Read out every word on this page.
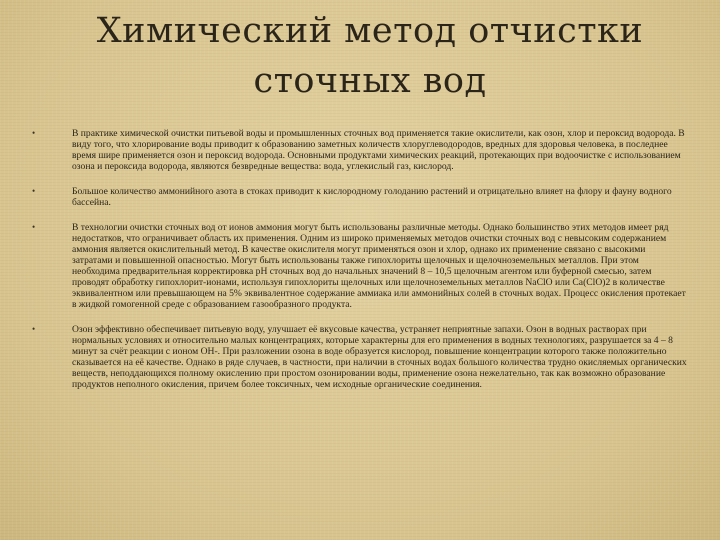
Химический метод отчистки
сточных вод
•	В практике химической очистки питьевой воды и промышленных сточных вод применяется такие окислители, как озон, хлор и пероксид водорода. В виду того, что хлорирование воды приводит к образованию заметных количеств хлоруглеводородов, вредных для здоровья человека, в последнее время шире применяется озон и пероксид водорода. Основными продуктами химических реакций, протекающих при водоочистке с использованием озона и пероксида водорода, являются безвредные вещества: вода, углекислый газ, кислород.
•	Большое количество аммонийного азота в стоках приводит к кислородному голоданию растений и отрицательно влияет на флору и фауну водного бассейна.
•	В технологии очистки сточных вод от ионов аммония могут быть использованы различные методы. Однако большинство этих методов имеет ряд недостатков, что ограничивает область их применения. Одним из широко применяемых методов очистки сточных вод с невысоким содержанием аммония является окислительный метод. В качестве окислителя могут применяться озон и хлор, однако их применение связано с высокими затратами и повышенной опасностью. Могут быть использованы также гипохлориты щелочных и щелочноземельных металлов. При этом необходима предварительная корректировка pH сточных вод до начальных значений 8 – 10,5 щелочным агентом или буферной смесью, затем проводят обработку гипохлорит-ионами, используя гипохлориты щелочных или щелочноземельных металлов NaClO или Ca(ClO)2 в количестве эквивалентном или превышающем на 5% эквивалентное содержание аммиака или аммонийных солей в сточных водах. Процесс окисления протекает в жидкой гомогенной среде с образованием газообразного продукта.
•	Озон эффективно обеспечивает питьевую воду, улучшает её вкусовые качества, устраняет неприятные запахи. Озон в водных растворах при нормальных условиях и относительно малых концентрациях, которые характерны для его применения в водных технологиях, разрушается за 4 – 8 минут за счёт реакции с ионом OH-. При разложении озона в воде образуется кислород, повышение концентрации которого также положительно сказывается на её качестве. Однако в ряде случаев, в частности, при наличии в сточных водах большого количества трудно окисляемых органических веществ, неподдающихся полному окислению при простом озонировании воды, применение озона нежелательно, так как возможно образование продуктов неполного окисления, причем более токсичных, чем исходные органические соединения.
